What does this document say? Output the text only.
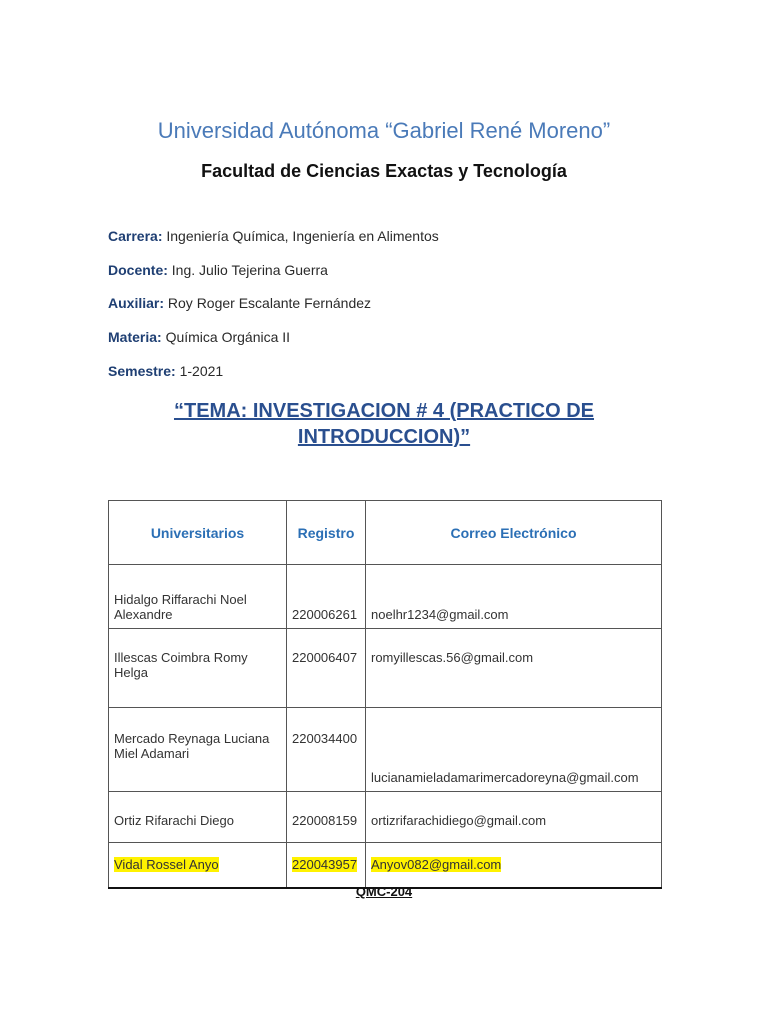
Universidad Autónoma “Gabriel René Moreno”
Facultad de Ciencias Exactas y Tecnología
Carrera: Ingeniería Química, Ingeniería en Alimentos
Docente: Ing. Julio Tejerina Guerra
Auxiliar: Roy Roger Escalante Fernández
Materia: Química Orgánica II
Semestre: 1-2021
“TEMA: INVESTIGACION # 4 (PRACTICO DE
INTRODUCCION)”
Universitarios	Registro	Correo Electrónico
Hidalgo Riffarachi Noel Alexandre	220006261	noelhr1234@gmail.com
Illescas Coimbra Romy Helga	220006407	romyillescas.56@gmail.com
Mercado Reynaga Luciana Miel Adamari	220034400	lucianamieladamarimercadoreyna@gmail.com
Ortiz Rifarachi Diego	220008159	ortizrifarachidiego@gmail.com
Vidal Rossel Anyo	220043957	Anyov082@gmail.com
QMC-204
